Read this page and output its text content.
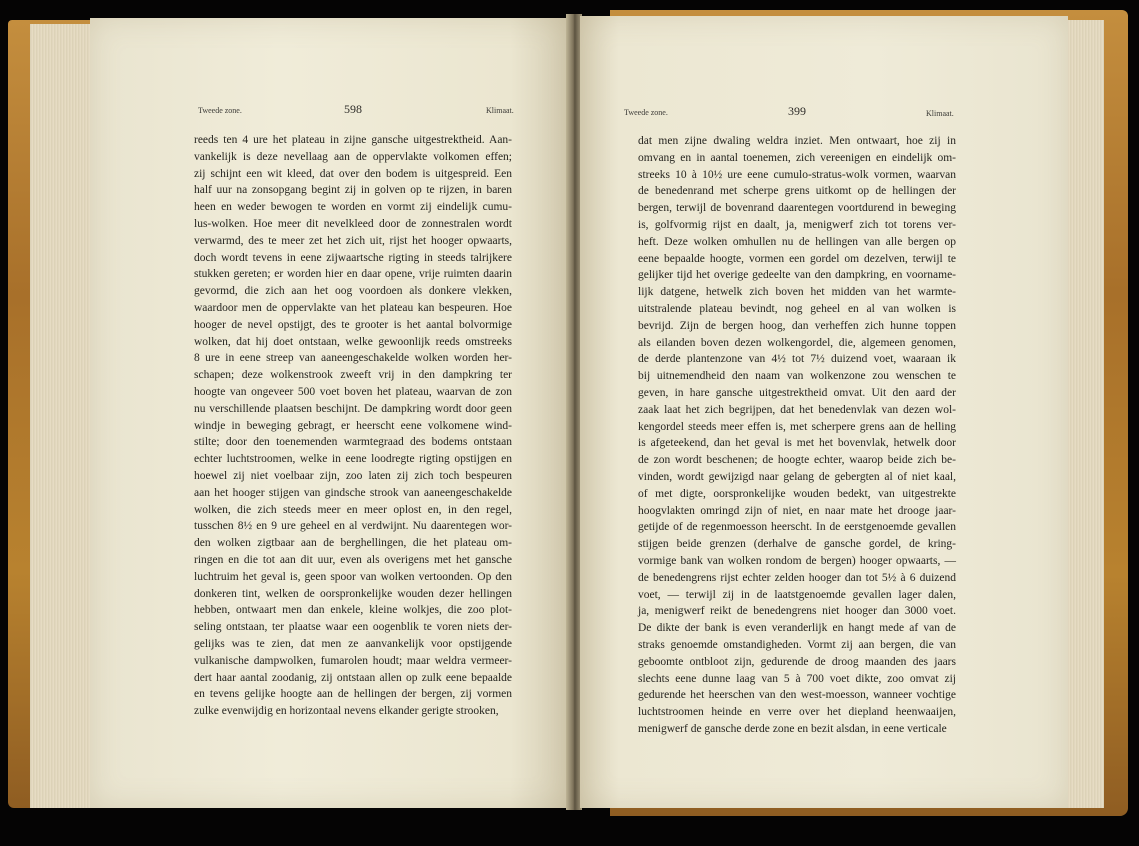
Tweede zone.	598	Klimaat.
reeds ten 4 ure het plateau in zijne gansche uitgestrektheid. Aan-
vankelijk is deze nevellaag aan de oppervlakte volkomen effen;
zij schijnt een wit kleed, dat over den bodem is uitgespreid. Een
half uur na zonsopgang begint zij in golven op te rijzen, in baren
heen en weder bewogen te worden en vormt zij eindelijk cumu-
lus-wolken. Hoe meer dit nevelkleed door de zonnestralen wordt
verwarmd, des te meer zet het zich uit, rijst het hooger opwaarts,
doch wordt tevens in eene zijwaartsche rigting in steeds talrijkere
stukken gereten; er worden hier en daar opene, vrije ruimten daarin
gevormd, die zich aan het oog voordoen als donkere vlekken,
waardoor men de oppervlakte van het plateau kan bespeuren. Hoe
hooger de nevel opstijgt, des te grooter is het aantal bolvormige
wolken, dat hij doet ontstaan, welke gewoonlijk reeds omstreeks
8 ure in eene streep van aaneengeschakelde wolken worden her-
schapen; deze wolkenstrook zweeft vrij in den dampkring ter
hoogte van ongeveer 500 voet boven het plateau, waarvan de zon
nu verschillende plaatsen beschijnt. De dampkring wordt door geen
windje in beweging gebragt, er heerscht eene volkomene wind-
stilte; door den toenemenden warmtegraad des bodems ontstaan
echter luchtstroomen, welke in eene loodregte rigting opstijgen en
hoewel zij niet voelbaar zijn, zoo laten zij zich toch bespeuren
aan het hooger stijgen van gindsche strook van aaneengeschakelde
wolken, die zich steeds meer en meer oplost en, in den regel,
tusschen 8½ en 9 ure geheel en al verdwijnt. Nu daarentegen wor-
den wolken zigtbaar aan de berghellingen, die het plateau om-
ringen en die tot aan dit uur, even als overigens met het gansche
luchtruim het geval is, geen spoor van wolken vertoonden. Op den
donkeren tint, welken de oorspronkelijke wouden dezer hellingen
hebben, ontwaart men dan enkele, kleine wolkjes, die zoo plot-
seling ontstaan, ter plaatse waar een oogenblik te voren niets der-
gelijks was te zien, dat men ze aanvankelijk voor opstijgende
vulkanische dampwolken, fumarolen houdt; maar weldra vermeer-
dert haar aantal zoodanig, zij ontstaan allen op zulk eene bepaalde
en tevens gelijke hoogte aan de hellingen der bergen, zij vormen
zulke evenwijdig en horizontaal nevens elkander gerigte strooken,
Tweede zone.	399	Klimaat.
dat men zijne dwaling weldra inziet. Men ontwaart, hoe zij in
omvang en in aantal toenemen, zich vereenigen en eindelijk om-
streeks 10 à 10½ ure eene cumulo-stratus-wolk vormen, waarvan
de benedenrand met scherpe grens uitkomt op de hellingen der
bergen, terwijl de bovenrand daarentegen voortdurend in beweging
is, golfvormig rijst en daalt, ja, menigwerf zich tot torens ver-
heft. Deze wolken omhullen nu de hellingen van alle bergen op
eene bepaalde hoogte, vormen een gordel om dezelven, terwijl te
gelijker tijd het overige gedeelte van den dampkring, en voorname-
lijk datgene, hetwelk zich boven het midden van het warmte-
uitstralende plateau bevindt, nog geheel en al van wolken is
bevrijd. Zijn de bergen hoog, dan verheffen zich hunne toppen
als eilanden boven dezen wolkengordel, die, algemeen genomen,
de derde plantenzone van 4½ tot 7½ duizend voet, waaraan ik
bij uitnemendheid den naam van wolkenzone zou wenschen te
geven, in hare gansche uitgestrektheid omvat. Uit den aard der
zaak laat het zich begrijpen, dat het benedenvlak van dezen wol-
kengordel steeds meer effen is, met scherpere grens aan de helling
is afgeteekend, dan het geval is met het bovenvlak, hetwelk door
de zon wordt beschenen; de hoogte echter, waarop beide zich be-
vinden, wordt gewijzigd naar gelang de gebergten al of niet kaal,
of met digte, oorspronkelijke wouden bedekt, van uitgestrekte
hoogvlakten omringd zijn of niet, en naar mate het drooge jaar-
getijde of de regenmoesson heerscht. In de eerstgenoemde gevallen
stijgen beide grenzen (derhalve de gansche gordel, de kring-
vormige bank van wolken rondom de bergen) hooger opwaarts, —
de benedengrens rijst echter zelden hooger dan tot 5½ à 6 duizend
voet, — terwijl zij in de laatstgenoemde gevallen lager dalen,
ja, menigwerf reikt de benedengrens niet hooger dan 3000 voet.
De dikte der bank is even veranderlijk en hangt mede af van de
straks genoemde omstandigheden. Vormt zij aan bergen, die van
geboomte ontbloot zijn, gedurende de droog maanden des jaars
slechts eene dunne laag van 5 à 700 voet dikte, zoo omvat zij
gedurende het heerschen van den west-moesson, wanneer vochtige
luchtstroomen heinde en verre over het diepland heenwaaijen,
menigwerf de gansche derde zone en bezit alsdan, in eene verticale
